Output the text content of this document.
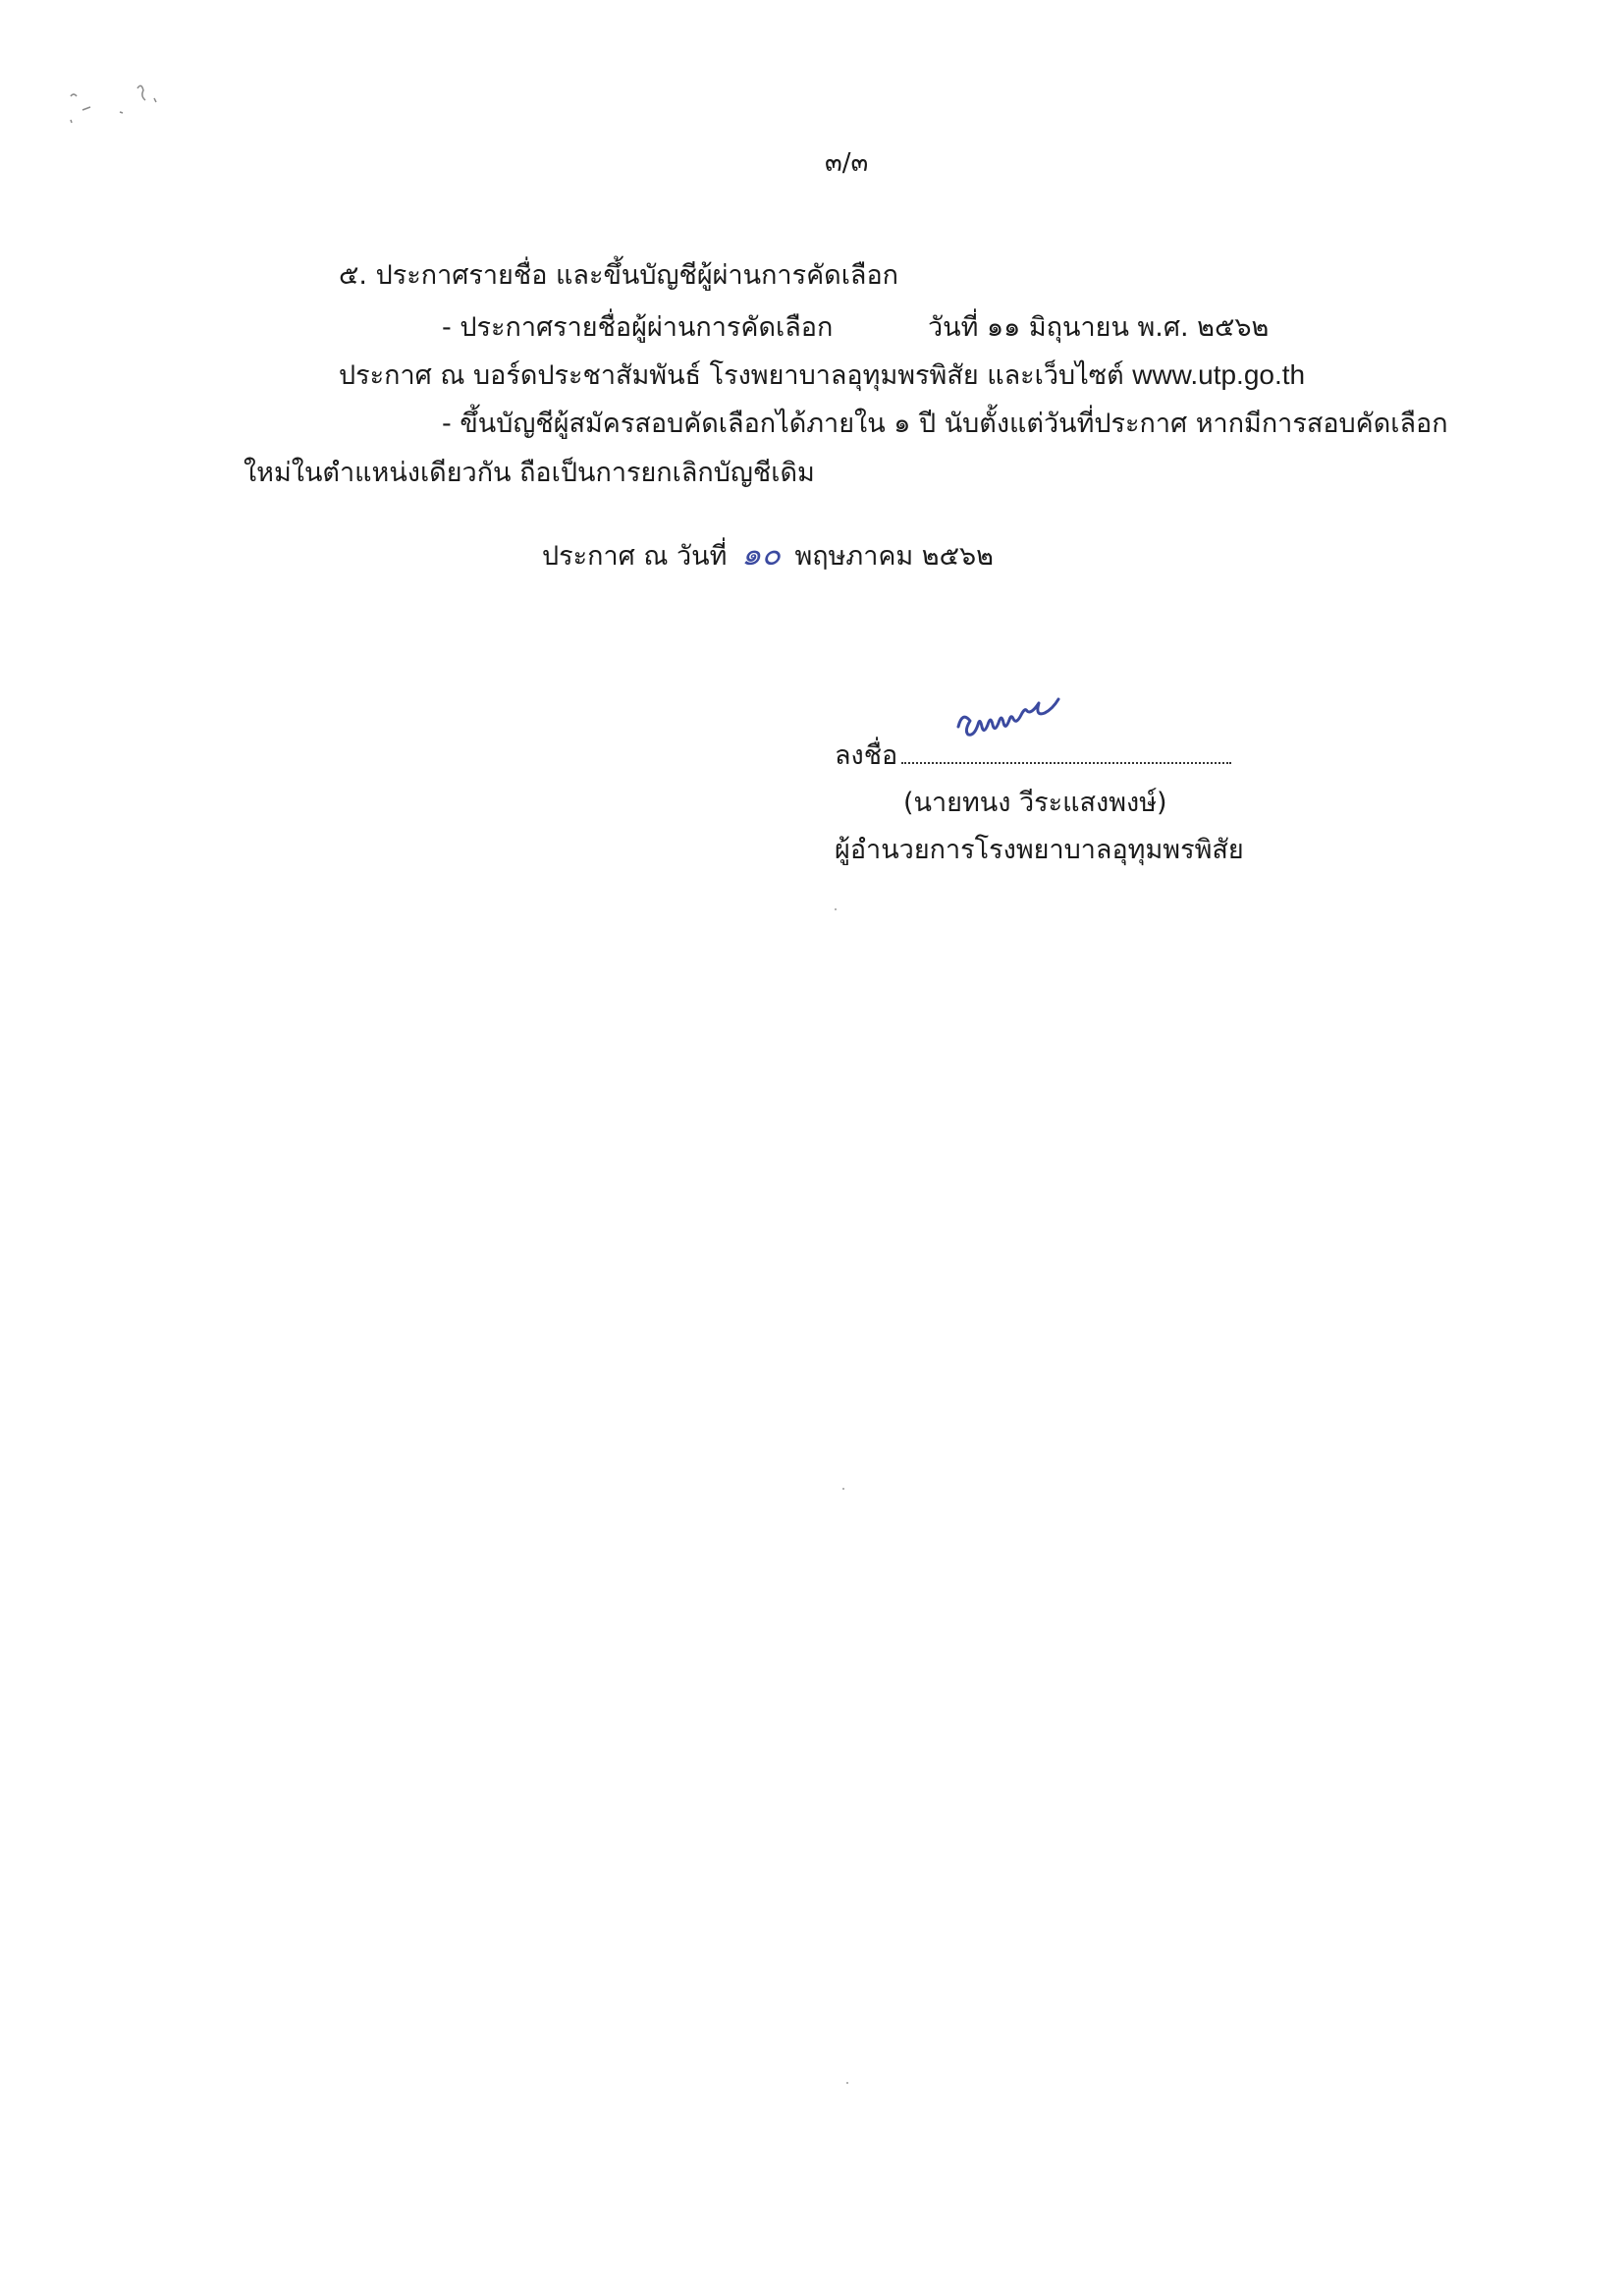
๓/๓
๕. ประกาศรายชื่อ และขึ้นบัญชีผู้ผ่านการคัดเลือก
- ประกาศรายชื่อผู้ผ่านการคัดเลือก	วันที่ ๑๑ มิถุนายน พ.ศ. ๒๕๖๒
ประกาศ ณ บอร์ดประชาสัมพันธ์ โรงพยาบาลอุทุมพรพิสัย และเว็บไซต์ www.utp.go.th
- ขึ้นบัญชีผู้สมัครสอบคัดเลือกได้ภายใน ๑ ปี นับตั้งแต่วันที่ประกาศ หากมีการสอบคัดเลือก
ใหม่ในตำแหน่งเดียวกัน ถือเป็นการยกเลิกบัญชีเดิม
ประกาศ ณ วันที่ ๑๐ พฤษภาคม ๒๕๖๒
ลงชื่อ
(นายทนง วีระแสงพงษ์)
ผู้อำนวยการโรงพยาบาลอุทุมพรพิสัย
